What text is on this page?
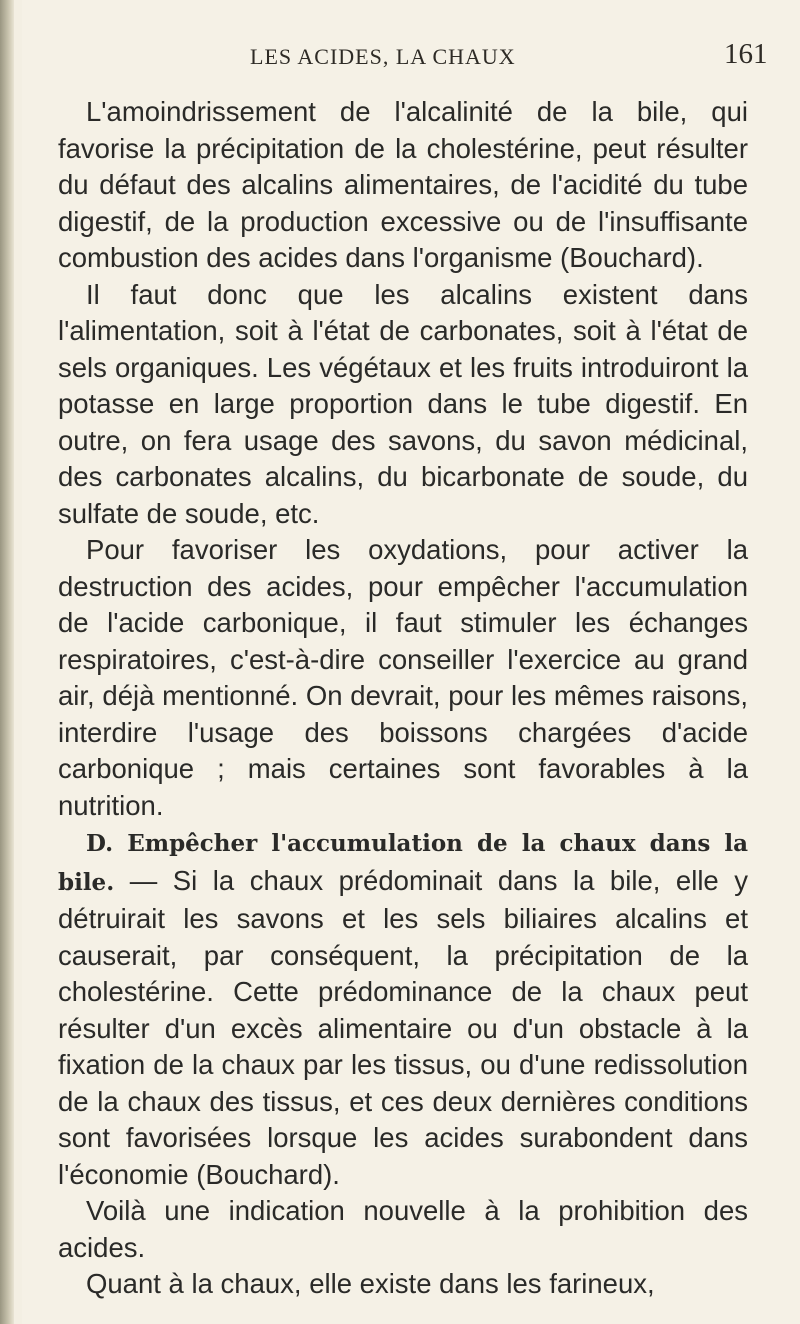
LES ACIDES, LA CHAUX	161

L'amoindrissement de l'alcalinité de la bile, qui favorise la précipitation de la cholestérine, peut résulter du défaut des alcalins alimentaires, de l'acidité du tube digestif, de la production excessive ou de l'insuffisante combustion des acides dans l'organisme (Bouchard).

Il faut donc que les alcalins existent dans l'alimentation, soit à l'état de carbonates, soit à l'état de sels organiques. Les végétaux et les fruits introduiront la potasse en large proportion dans le tube digestif. En outre, on fera usage des savons, du savon médicinal, des carbonates alcalins, du bicarbonate de soude, du sulfate de soude, etc.

Pour favoriser les oxydations, pour activer la destruction des acides, pour empêcher l'accumulation de l'acide carbonique, il faut stimuler les échanges respiratoires, c'est-à-dire conseiller l'exercice au grand air, déjà mentionné. On devrait, pour les mêmes raisons, interdire l'usage des boissons chargées d'acide carbonique ; mais certaines sont favorables à la nutrition.

D. Empêcher l'accumulation de la chaux dans la bile. — Si la chaux prédominait dans la bile, elle y détruirait les savons et les sels biliaires alcalins et causerait, par conséquent, la précipitation de la cholestérine. Cette prédominance de la chaux peut résulter d'un excès alimentaire ou d'un obstacle à la fixation de la chaux par les tissus, ou d'une redissolution de la chaux des tissus, et ces deux dernières conditions sont favorisées lorsque les acides surabondent dans l'économie (Bouchard).

Voilà une indication nouvelle à la prohibition des acides.

Quant à la chaux, elle existe dans les farineux,
